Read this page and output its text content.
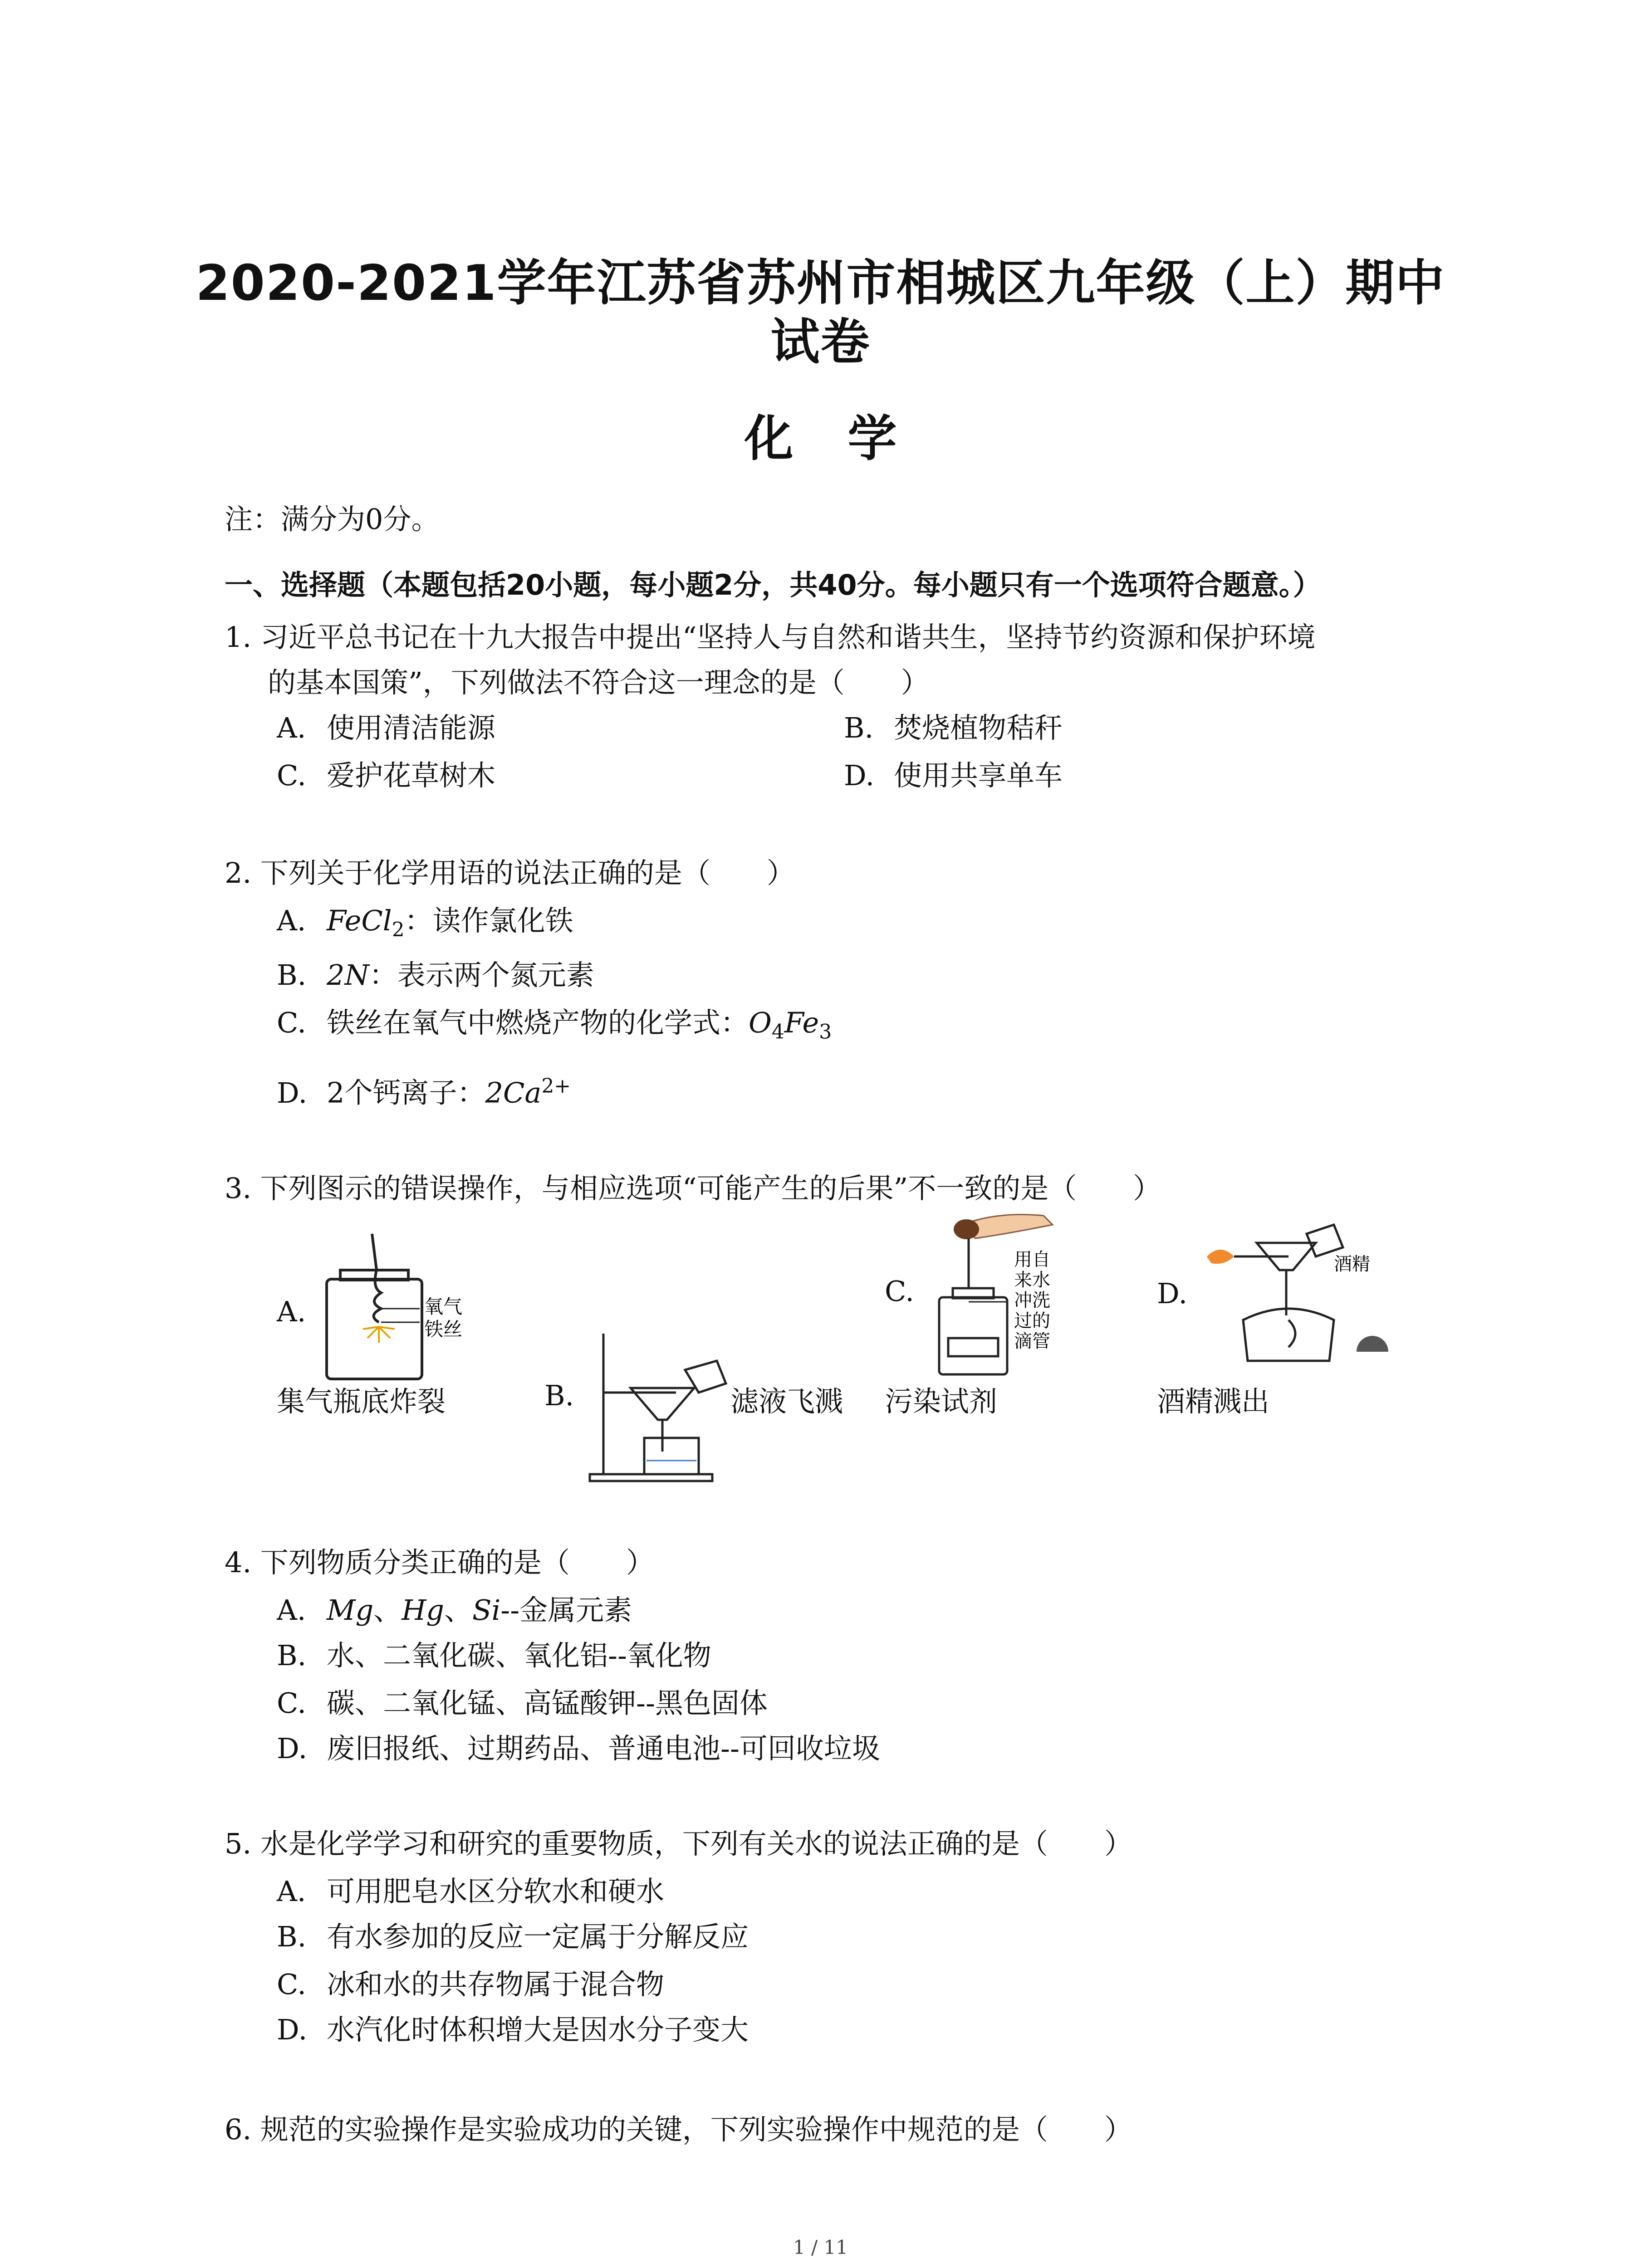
2020-2021学年江苏省苏州市相城区九年级（上）期中
试卷
化学
注：满分为0分。
一、选择题（本题包括20小题，每小题2分，共40分。每小题只有一个选项符合题意。）
1. 习近平总书记在十九大报告中提出“坚持人与自然和谐共生，坚持节约资源和保护环境
的基本国策”，下列做法不符合这一理念的是（　　）
A. 使用清洁能源	B. 焚烧植物秸秆
C. 爱护花草树木	D. 使用共享单车
2. 下列关于化学用语的说法正确的是（　　）
A. FeCl$_2$：读作氯化铁
B. 2N：表示两个氮元素
C. 铁丝在氧气中燃烧产物的化学式：$O_4Fe_3$
D. 2个钙离子：$2Ca^{2+}$
3. 下列图示的错误操作，与相应选项“可能产生的后果”不一致的是（　　）
A.	氧气
铁丝
集气瓶底炸裂	B.	滤液飞溅
C.
用自
来水
冲洗
过的
滴管
污染试剂
D.
酒精
酒精溅出
4. 下列物质分类正确的是（　　）
A. Mg、Hg、Si--金属元素
B. 水、二氧化碳、氧化铝--氧化物
C. 碳、二氧化锰、高锰酸钾--黑色固体
D. 废旧报纸、过期药品、普通电池--可回收垃圾
5. 水是化学学习和研究的重要物质，下列有关水的说法正确的是（　　）
A. 可用肥皂水区分软水和硬水
B. 有水参加的反应一定属于分解反应
C. 冰和水的共存物属于混合物
D. 水汽化时体积增大是因水分子变大
6. 规范的实验操作是实验成功的关键，下列实验操作中规范的是（　　）
1 / 11
